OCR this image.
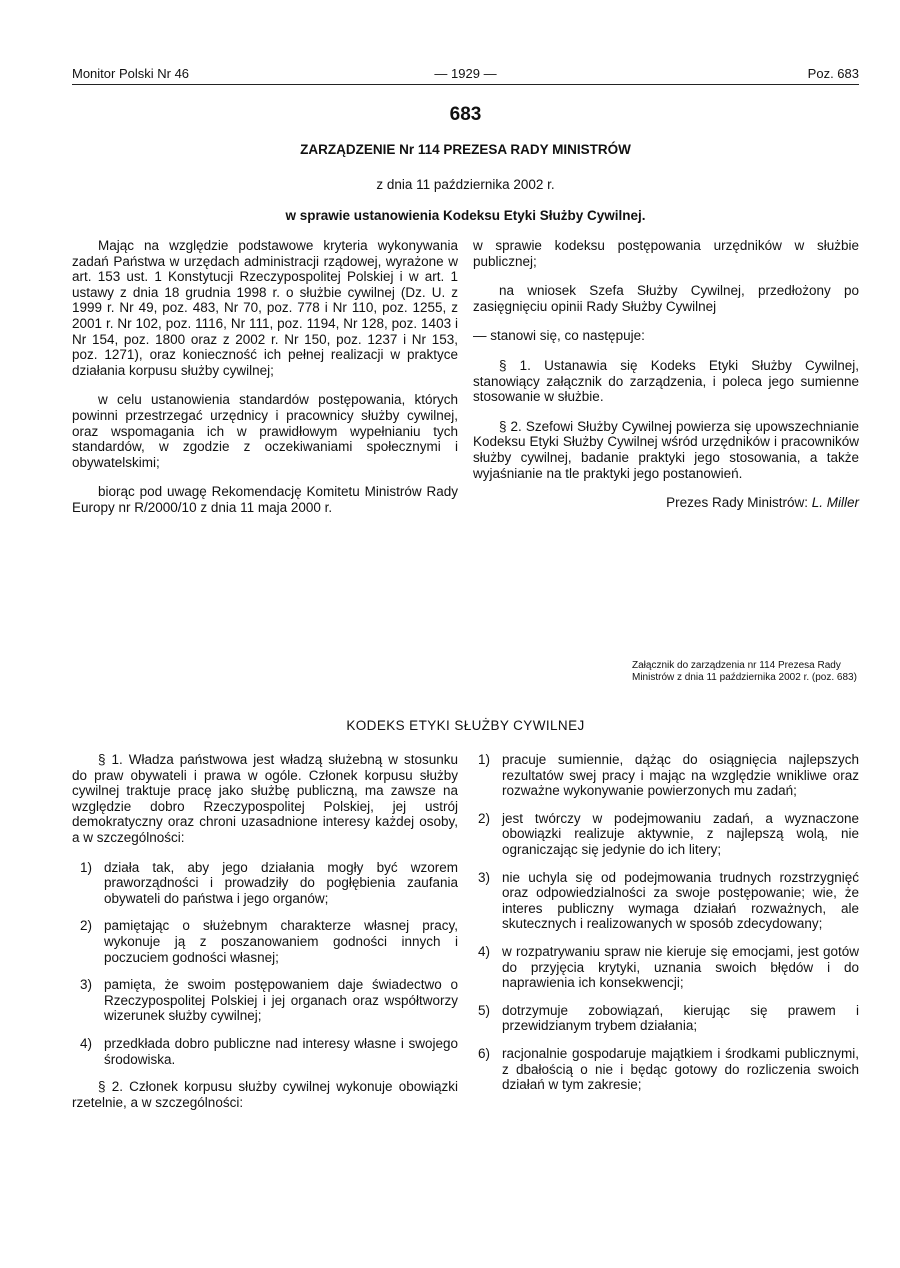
Monitor Polski Nr 46	— 1929 —	Poz. 683
683
ZARZĄDZENIE Nr 114 PREZESA RADY MINISTRÓW
z dnia 11 października 2002 r.
w sprawie ustanowienia Kodeksu Etyki Służby Cywilnej.

Mając na względzie podstawowe kryteria wykonywania zadań Państwa w urzędach administracji rządowej, wyrażone w art. 153 ust. 1 Konstytucji Rzeczypospolitej Polskiej i w art. 1 ustawy z dnia 18 grudnia 1998 r. o służbie cywilnej (Dz. U. z 1999 r. Nr 49, poz. 483, Nr 70, poz. 778 i Nr 110, poz. 1255, z 2001 r. Nr 102, poz. 1116, Nr 111, poz. 1194, Nr 128, poz. 1403 i Nr 154, poz. 1800 oraz z 2002 r. Nr 150, poz. 1237 i Nr 153, poz. 1271), oraz konieczność ich pełnej realizacji w praktyce działania korpusu służby cywilnej;

w celu ustanowienia standardów postępowania, których powinni przestrzegać urzędnicy i pracownicy służby cywilnej, oraz wspomagania ich w prawidłowym wypełnianiu tych standardów, w zgodzie z oczekiwaniami społecznymi i obywatelskimi;

biorąc pod uwagę Rekomendację Komitetu Ministrów Rady Europy nr R/2000/10 z dnia 11 maja 2000 r.

w sprawie kodeksu postępowania urzędników w służbie publicznej;

na wniosek Szefa Służby Cywilnej, przedłożony po zasięgnięciu opinii Rady Służby Cywilnej

— stanowi się, co następuje:

§ 1. Ustanawia się Kodeks Etyki Służby Cywilnej, stanowiący załącznik do zarządzenia, i poleca jego sumienne stosowanie w służbie.

§ 2. Szefowi Służby Cywilnej powierza się upowszechnianie Kodeksu Etyki Służby Cywilnej wśród urzędników i pracowników służby cywilnej, badanie praktyki jego stosowania, a także wyjaśnianie na tle praktyki jego postanowień.

Prezes Rady Ministrów: L. Miller

Załącznik do zarządzenia nr 114 Prezesa Rady Ministrów z dnia 11 października 2002 r. (poz. 683)
KODEKS ETYKI SŁUŻBY CYWILNEJ

§ 1. Władza państwowa jest władzą służebną w stosunku do praw obywateli i prawa w ogóle. Członek korpusu służby cywilnej traktuje pracę jako służbę publiczną, ma zawsze na względzie dobro Rzeczypospolitej Polskiej, jej ustrój demokratyczny oraz chroni uzasadnione interesy każdej osoby, a w szczególności:

1) działa tak, aby jego działania mogły być wzorem praworządności i prowadziły do pogłębienia zaufania obywateli do państwa i jego organów;
2) pamiętając o służebnym charakterze własnej pracy, wykonuje ją z poszanowaniem godności innych i poczuciem godności własnej;
3) pamięta, że swoim postępowaniem daje świadectwo o Rzeczypospolitej Polskiej i jej organach oraz współtworzy wizerunek służby cywilnej;
4) przedkłada dobro publiczne nad interesy własne i swojego środowiska.

§ 2. Członek korpusu służby cywilnej wykonuje obowiązki rzetelnie, a w szczególności:

1) pracuje sumiennie, dążąc do osiągnięcia najlepszych rezultatów swej pracy i mając na względzie wnikliwe oraz rozważne wykonywanie powierzonych mu zadań;
2) jest twórczy w podejmowaniu zadań, a wyznaczone obowiązki realizuje aktywnie, z najlepszą wolą, nie ograniczając się jedynie do ich litery;
3) nie uchyla się od podejmowania trudnych rozstrzygnięć oraz odpowiedzialności za swoje postępowanie; wie, że interes publiczny wymaga działań rozważnych, ale skutecznych i realizowanych w sposób zdecydowany;
4) w rozpatrywaniu spraw nie kieruje się emocjami, jest gotów do przyjęcia krytyki, uznania swoich błędów i do naprawienia ich konsekwencji;
5) dotrzymuje zobowiązań, kierując się prawem i przewidzianym trybem działania;
6) racjonalnie gospodaruje majątkiem i środkami publicznymi, z dbałością o nie i będąc gotowy do rozliczenia swoich działań w tym zakresie;
